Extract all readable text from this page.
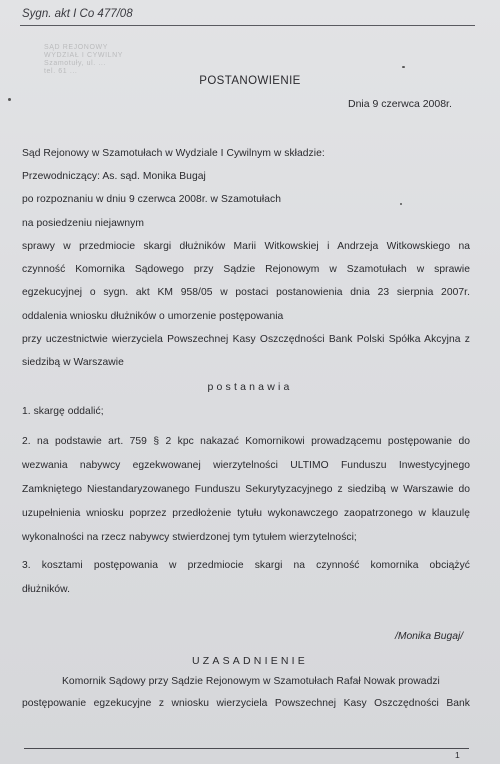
Sygn. akt I Co 477/08
SĄD REJONOWY
WYDZIAŁ I CYWILNY
Szamotuły, ul. ...
tel. 61 ...
POSTANOWIENIE
Dnia 9 czerwca 2008r.
Sąd Rejonowy w Szamotułach w Wydziale I Cywilnym w składzie:
Przewodniczący: As. sąd. Monika Bugaj
po rozpoznaniu w dniu 9 czerwca 2008r. w Szamotułach
na posiedzeniu niejawnym
sprawy w przedmiocie skargi dłużników Marii Witkowskiej i Andrzeja Witkowskiego na
czynność Komornika Sądowego przy Sądzie Rejonowym w Szamotułach w sprawie
egzekucyjnej o sygn. akt KM 958/05 w postaci postanowienia dnia 23 sierpnia 2007r.
oddalenia wniosku dłużników o umorzenie postępowania
przy uczestnictwie wierzyciela Powszechnej Kasy Oszczędności Bank Polski Spółka Akcyjna z
siedzibą w Warszawie
postanawia
1. skargę oddalić;
2. na podstawie art. 759 § 2 kpc nakazać Komornikowi prowadzącemu postępowanie do
wezwania nabywcy egzekwowanej wierzytelności ULTIMO Funduszu Inwestycyjnego
Zamkniętego Niestandaryzowanego Funduszu Sekurytyzacyjnego z siedzibą w Warszawie do
uzupełnienia wniosku poprzez przedłożenie tytułu wykonawczego zaopatrzonego w klauzulę
wykonalności na rzecz nabywcy stwierdzonej tym tytułem wierzytelności;
3. kosztami postępowania w przedmiocie skargi na czynność komornika obciążyć
dłużników.
/Monika Bugaj/
UZASADNIENIE
Komornik Sądowy przy Sądzie Rejonowym w Szamotułach Rafał Nowak prowadzi
postępowanie egzekucyjne z wniosku wierzyciela Powszechnej Kasy Oszczędności Bank
1
